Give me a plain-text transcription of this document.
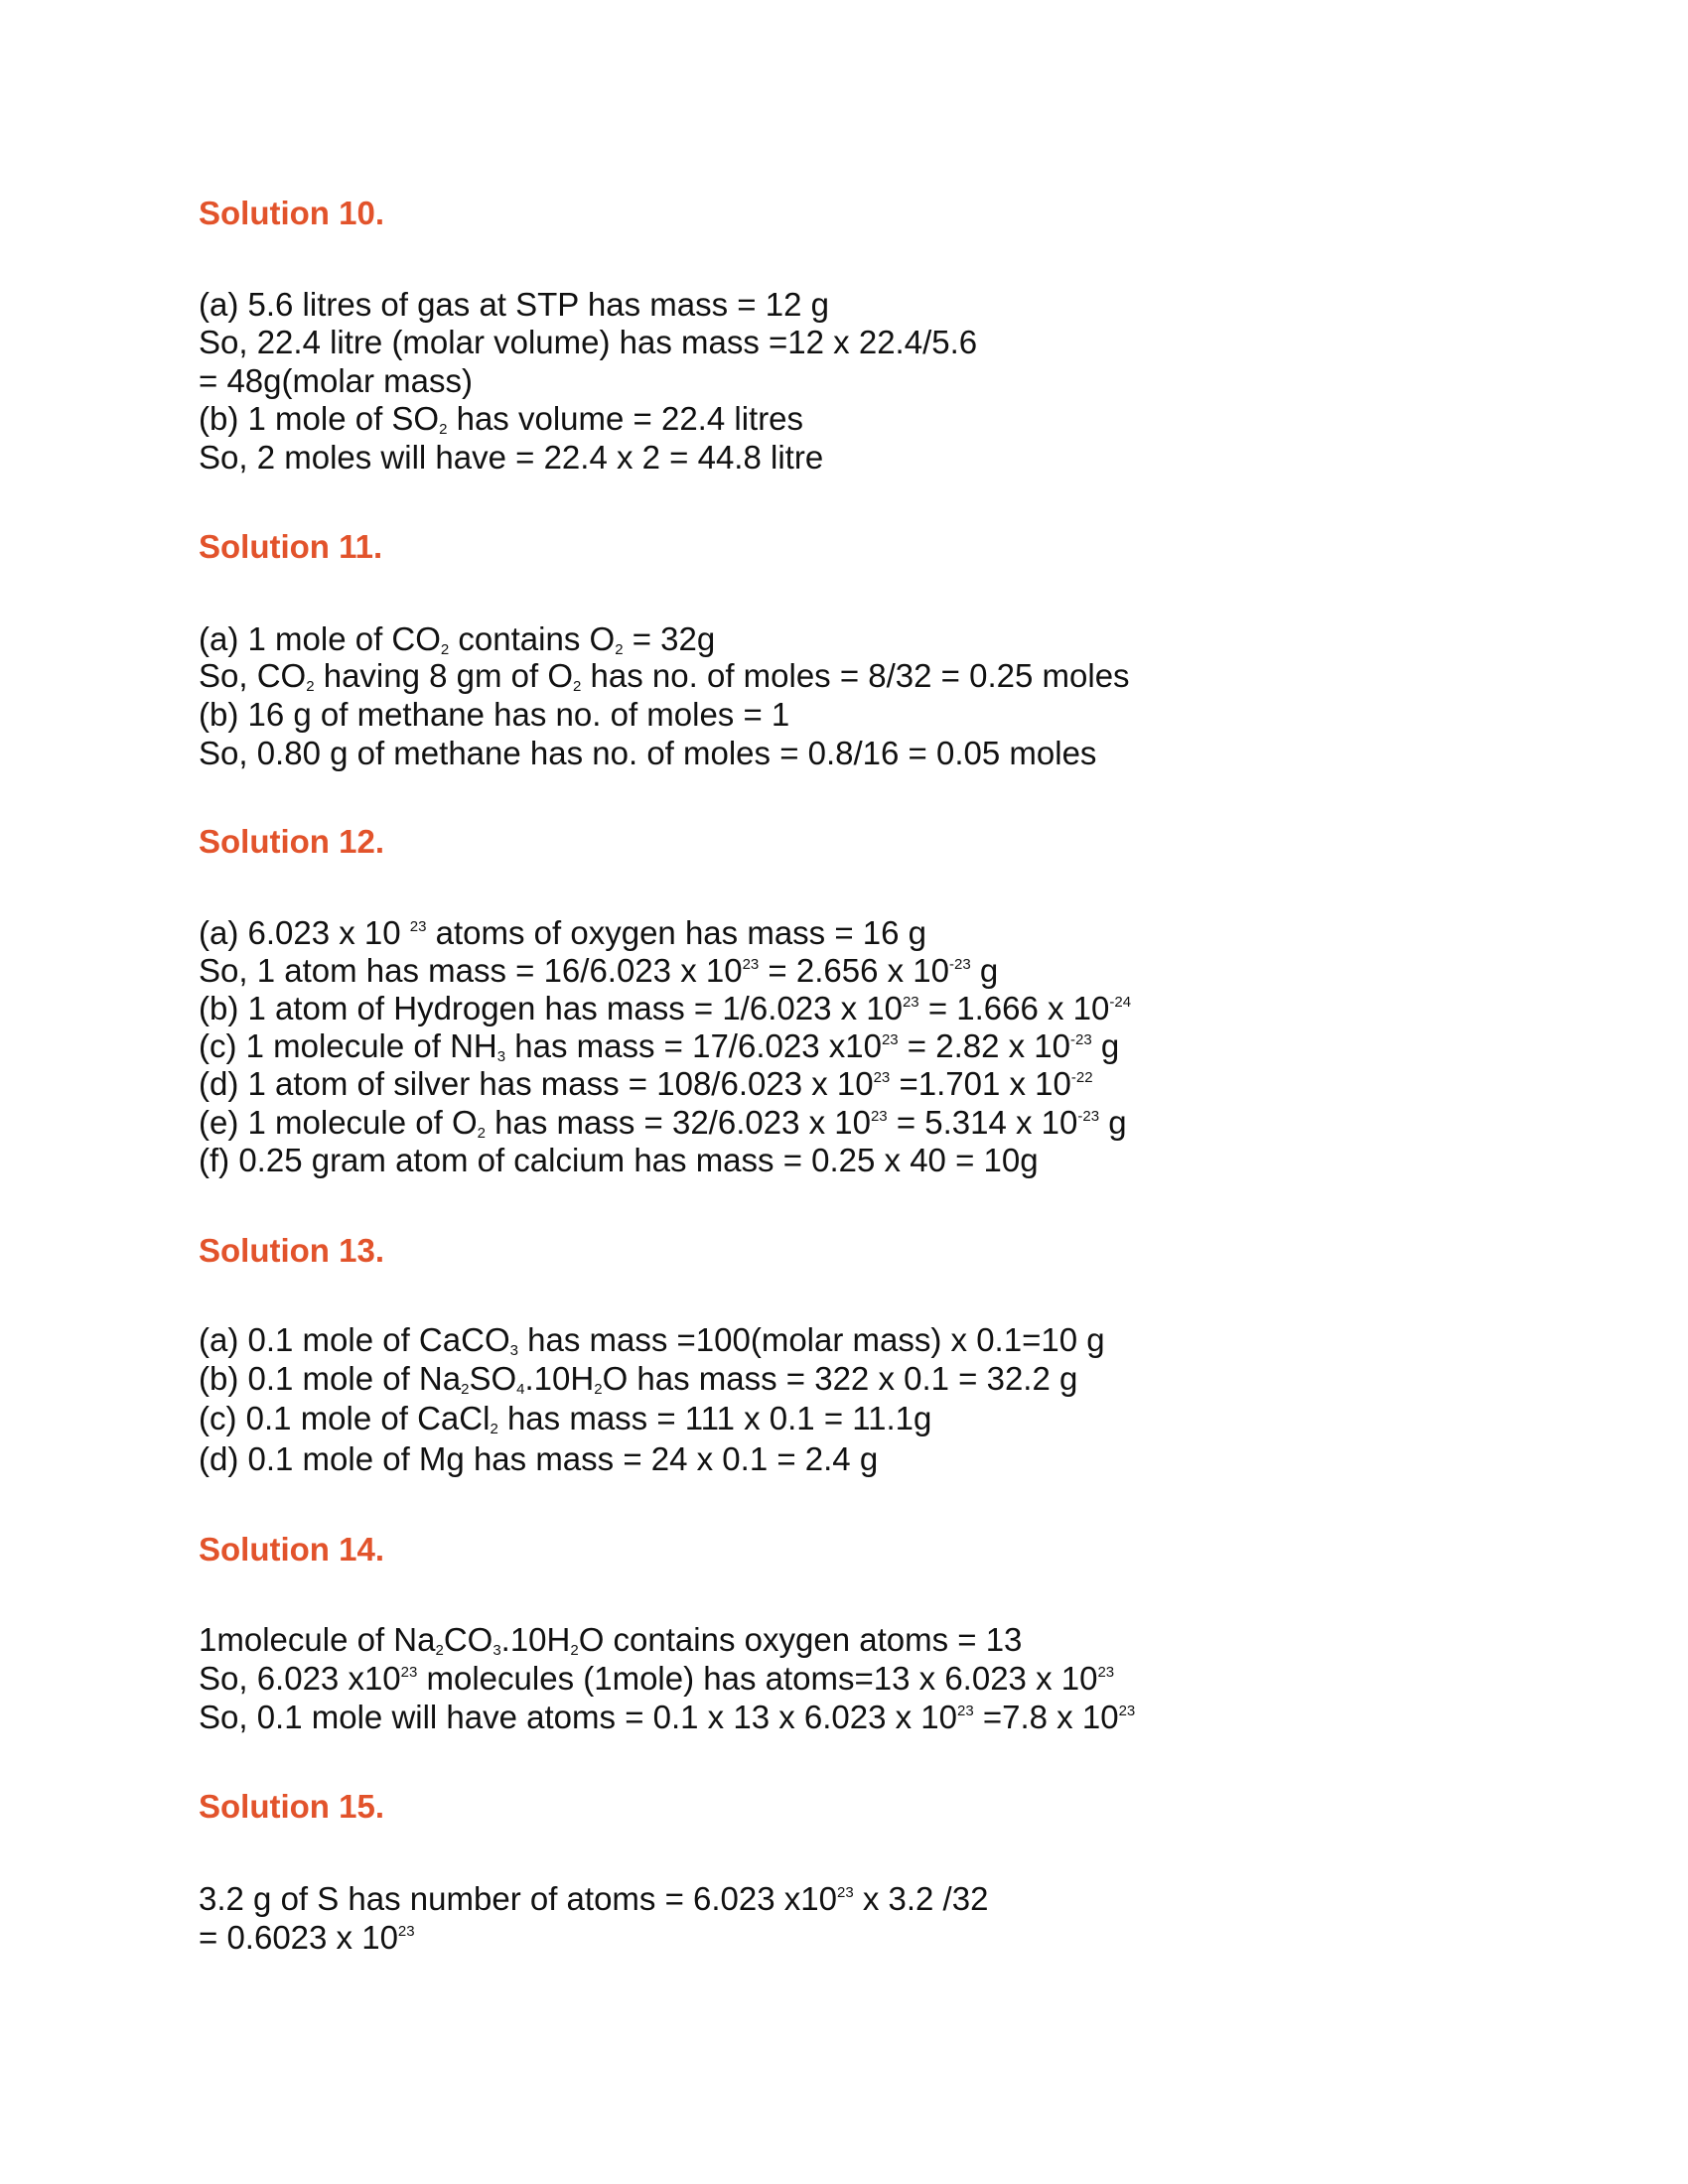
Solution 10.
(a) 5.6 litres of gas at STP has mass = 12 g
So, 22.4 litre (molar volume) has mass =12 x 22.4/5.6
= 48g(molar mass)
(b) 1 mole of $SO_2$ has volume = 22.4 litres
So, 2 moles will have = 22.4 x 2 = 44.8 litre
Solution 11.
(a) 1 mole of $CO_2$ contains $O_2 = 32g$
So, $CO_2$ having 8 gm of $O_2$ has no. of moles = 8/32 = 0.25 moles
(b) 16 g of methane has no. of moles = 1
So, 0.80 g of methane has no. of moles = 0.8/16 = 0.05 moles
Solution 12.
(a) 6.023 x 10 $^{23}$ atoms of oxygen has mass = 16 g
So, 1 atom has mass = 16/6.023 x $10^{23} = 2.656$ x $10^{-23}$ g
(b) 1 atom of Hydrogen has mass = 1/6.023 x $10^{23} = 1.666$ x $10^{-24}$
(c) 1 molecule of $NH_3$ has mass = 17/6.023 $x10^{23} = 2.82$ x $10^{-23}$ g
(d) 1 atom of silver has mass = 108/6.023 x $10^{23} =1.701$ x $10^{-22}$
(e) 1 molecule of $O_2$ has mass = 32/6.023 x $10^{23} = 5.314$ x $10^{-23}$ g
(f) 0.25 gram atom of calcium has mass = 0.25 x 40 = 10g
Solution 13.
(a) 0.1 mole of CaCO$_3$ has mass =100(molar mass) x 0.1=10 g
(b) 0.1 mole of $Na_2SO_4.10H_2O$ has mass = 322 x 0.1 = 32.2 g
(c) 0.1 mole of CaCl$_2$ has mass = 111 x 0.1 = 11.1g
(d) 0.1 mole of Mg has mass = 24 x 0.1 = 2.4 g
Solution 14.
1molecule of $Na_2CO_3.10H_2O$ contains oxygen atoms = 13
So, 6.023 $x10^{23}$ molecules (1mole) has atoms=13 x 6.023 x $10^{23}$
So, 0.1 mole will have atoms = 0.1 x 13 x 6.023 x $10^{23} =7.8$ x $10^{23}$
Solution 15.
3.2 g of S has number of atoms = 6.023 $x10^{23}$ x 3.2 /32
= 0.6023 x $10^{23}$
